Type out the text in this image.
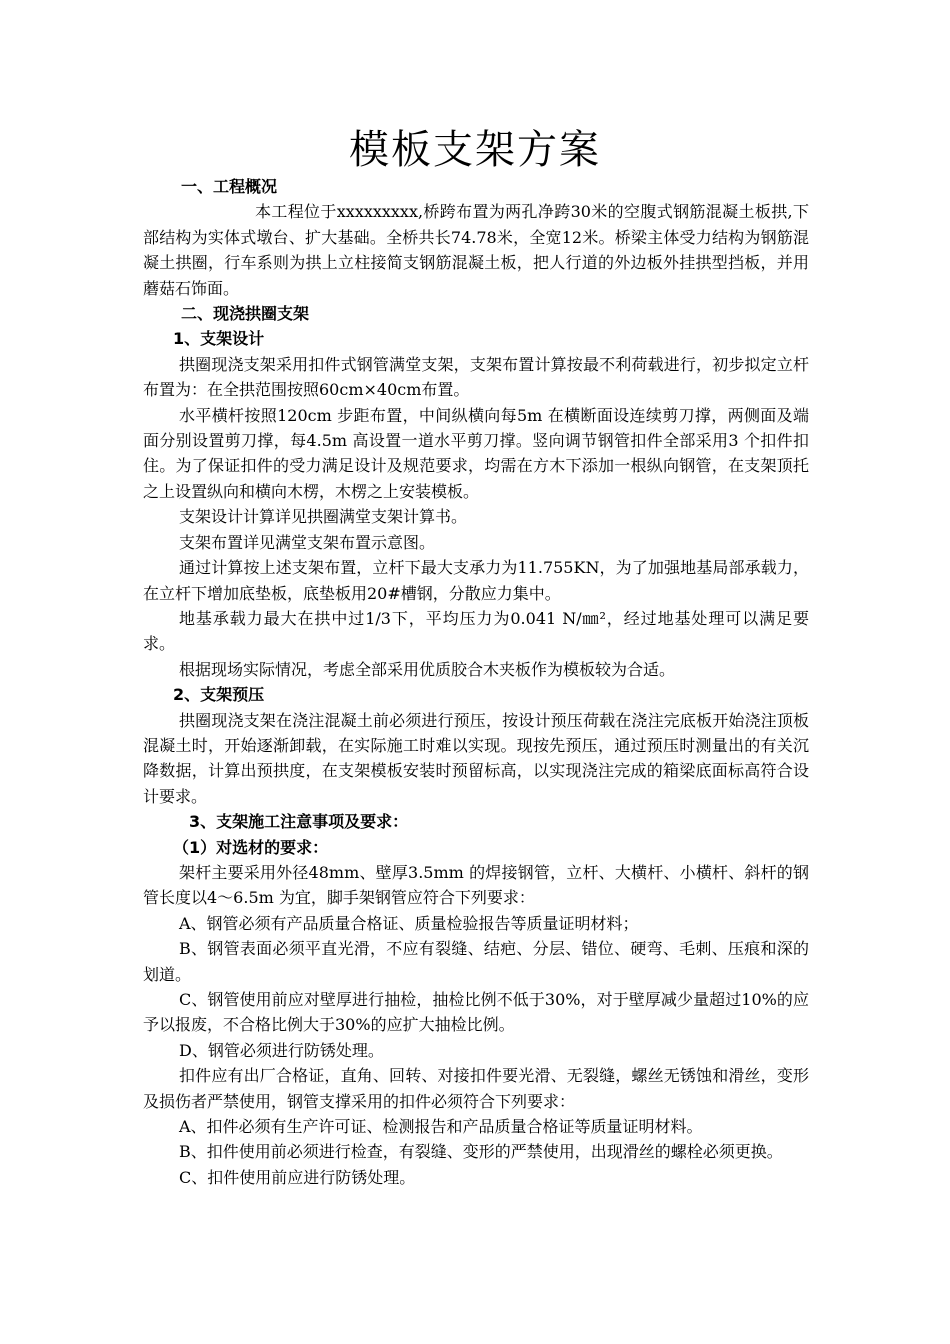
模板支架方案

一、工程概况

本工程位于xxxxxxxxx,桥跨布置为两孔净跨30米的空腹式钢筋混凝土板拱,下部结构为实体式墩台、扩大基础。全桥共长74.78米，全宽12米。桥梁主体受力结构为钢筋混凝土拱圈，行车系则为拱上立柱接简支钢筋混凝土板，把人行道的外边板外挂拱型挡板，并用蘑菇石饰面。

二、现浇拱圈支架

1、支架设计

拱圈现浇支架采用扣件式钢管满堂支架，支架布置计算按最不利荷载进行，初步拟定立杆布置为：在全拱范围按照60cm×40cm布置。

水平横杆按照120cm 步距布置，中间纵横向每5m 在横断面设连续剪刀撑，两侧面及端面分别设置剪刀撑，每4.5m 高设置一道水平剪刀撑。竖向调节钢管扣件全部采用3 个扣件扣住。为了保证扣件的受力满足设计及规范要求，均需在方木下添加一根纵向钢管，在支架顶托之上设置纵向和横向木楞，木楞之上安装模板。

支架设计计算详见拱圈满堂支架计算书。

支架布置详见满堂支架布置示意图。

通过计算按上述支架布置，立杆下最大支承力为11.755KN，为了加强地基局部承载力，在立杆下增加底垫板，底垫板用20#槽钢，分散应力集中。

地基承载力最大在拱中过1/3下，平均压力为0.041 N/㎜²，经过地基处理可以满足要求。

根据现场实际情况，考虑全部采用优质胶合木夹板作为模板较为合适。

2、支架预压

拱圈现浇支架在浇注混凝土前必须进行预压，按设计预压荷载在浇注完底板开始浇注顶板混凝土时，开始逐渐卸载，在实际施工时难以实现。现按先预压，通过预压时测量出的有关沉降数据，计算出预拱度，在支架模板安装时预留标高，以实现浇注完成的箱梁底面标高符合设计要求。

3、支架施工注意事项及要求：

（1）对选材的要求：

架杆主要采用外径48mm、壁厚3.5mm 的焊接钢管，立杆、大横杆、小横杆、斜杆的钢管长度以4～6.5m 为宜，脚手架钢管应符合下列要求：

A、钢管必须有产品质量合格证、质量检验报告等质量证明材料；

B、钢管表面必须平直光滑，不应有裂缝、结疤、分层、错位、硬弯、毛刺、压痕和深的划道。

C、钢管使用前应对壁厚进行抽检，抽检比例不低于30%，对于壁厚减少量超过10%的应予以报废，不合格比例大于30%的应扩大抽检比例。

D、钢管必须进行防锈处理。

扣件应有出厂合格证，直角、回转、对接扣件要光滑、无裂缝，螺丝无锈蚀和滑丝，变形及损伤者严禁使用，钢管支撑采用的扣件必须符合下列要求：

A、扣件必须有生产许可证、检测报告和产品质量合格证等质量证明材料。

B、扣件使用前必须进行检查，有裂缝、变形的严禁使用，出现滑丝的螺栓必须更换。

C、扣件使用前应进行防锈处理。
